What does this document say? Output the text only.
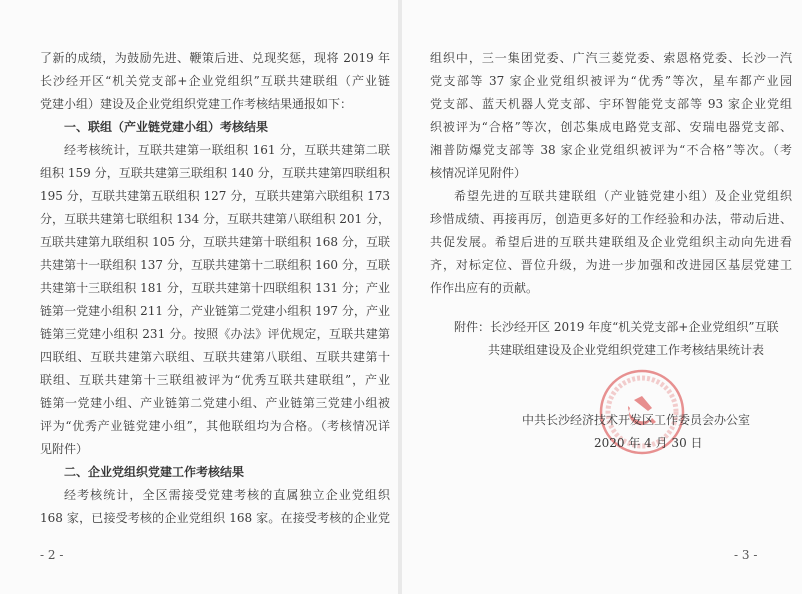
了新的成绩，为鼓励先进、鞭策后进、兑现奖惩，现将 2019 年
长沙经开区“机关党支部+企业党组织”互联共建联组（产业链
党建小组）建设及企业党组织党建工作考核结果通报如下：
一、联组（产业链党建小组）考核结果
经考核统计，互联共建第一联组积 161 分，互联共建第二联
组积 159 分，互联共建第三联组积 140 分，互联共建第四联组积
195 分，互联共建第五联组积 127 分，互联共建第六联组积 173
分，互联共建第七联组积 134 分，互联共建第八联组积 201 分，
互联共建第九联组积 105 分，互联共建第十联组积 168 分，互联
共建第十一联组积 137 分，互联共建第十二联组积 160 分，互联
共建第十三联组积 181 分，互联共建第十四联组积 131 分；产业
链第一党建小组积 211 分，产业链第二党建小组积 197 分，产业
链第三党建小组积 231 分。按照《办法》评优规定，互联共建第
四联组、互联共建第六联组、互联共建第八联组、互联共建第十
联组、互联共建第十三联组被评为“优秀互联共建联组”，产业
链第一党建小组、产业链第二党建小组、产业链第三党建小组被
评为“优秀产业链党建小组”，其他联组均为合格。（考核情况详
见附件）
二、企业党组织党建工作考核结果
经考核统计，全区需接受党建考核的直属独立企业党组织
168 家，已接受考核的企业党组织 168 家。在接受考核的企业党
- 2 -
组织中，三一集团党委、广汽三菱党委、索恩格党委、长沙一汽
党支部等 37 家企业党组织被评为“优秀”等次，星车都产业园
党支部、蓝天机器人党支部、宇环智能党支部等 93 家企业党组
织被评为“合格”等次，创芯集成电路党支部、安瑞电器党支部、
湘普防爆党支部等 38 家企业党组织被评为“不合格”等次。（考
核情况详见附件）
希望先进的互联共建联组（产业链党建小组）及企业党组织
珍惜成绩、再接再厉，创造更多好的工作经验和办法，带动后进、
共促发展。希望后进的互联共建联组及企业党组织主动向先进看
齐，对标定位、晋位升级，为进一步加强和改进园区基层党建工
作作出应有的贡献。
附件：长沙经开区 2019 年度“机关党支部+企业党组织”互联
共建联组建设及企业党组织党建工作考核结果统计表
中共长沙经济技术开发区工作委员会办公室
2020 年 4 月 30 日
- 3 -
